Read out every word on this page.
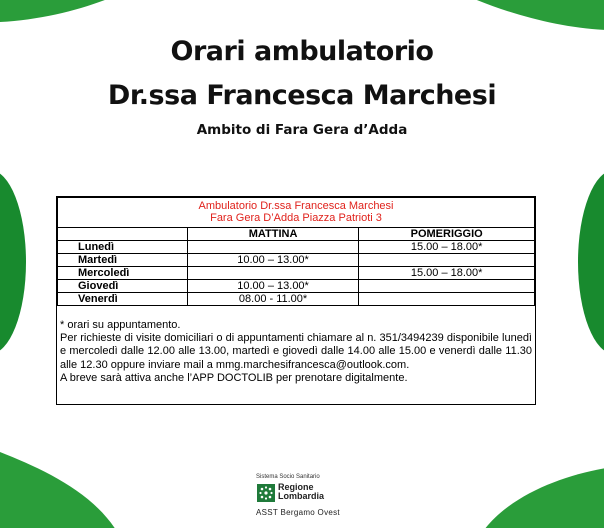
Orari ambulatorio
Dr.ssa Francesca Marchesi
Ambito di Fara Gera d’Adda
Ambulatorio Dr.ssa Francesca Marchesi
Fara Gera D’Adda Piazza Patrioti 3		

	MATTINA	POMERIGGIO
Lunedì		15.00 – 18.00*
Martedì	10.00 – 13.00*	
Mercoledì		15.00 – 18.00*
Giovedì	10.00 – 13.00*	
Venerdì	08.00 - 11.00*	

* orari su appuntamento.

Per richieste di visite domiciliari o di appuntamenti chiamare al n. 351/3494239 disponibile lunedì e mercoledì dalle 12.00 alle 13.00, martedì e giovedì dalle 14.00 alle 15.00 e venerdì dalle 11.30 alle 12.30 oppure inviare mail a mmg.marchesifrancesca@outlook.com.

A breve sarà attiva anche l’APP DOCTOLIB per prenotare digitalmente.

Sistema Socio Sanitario
Regione
Lombardia
ASST Bergamo Ovest
